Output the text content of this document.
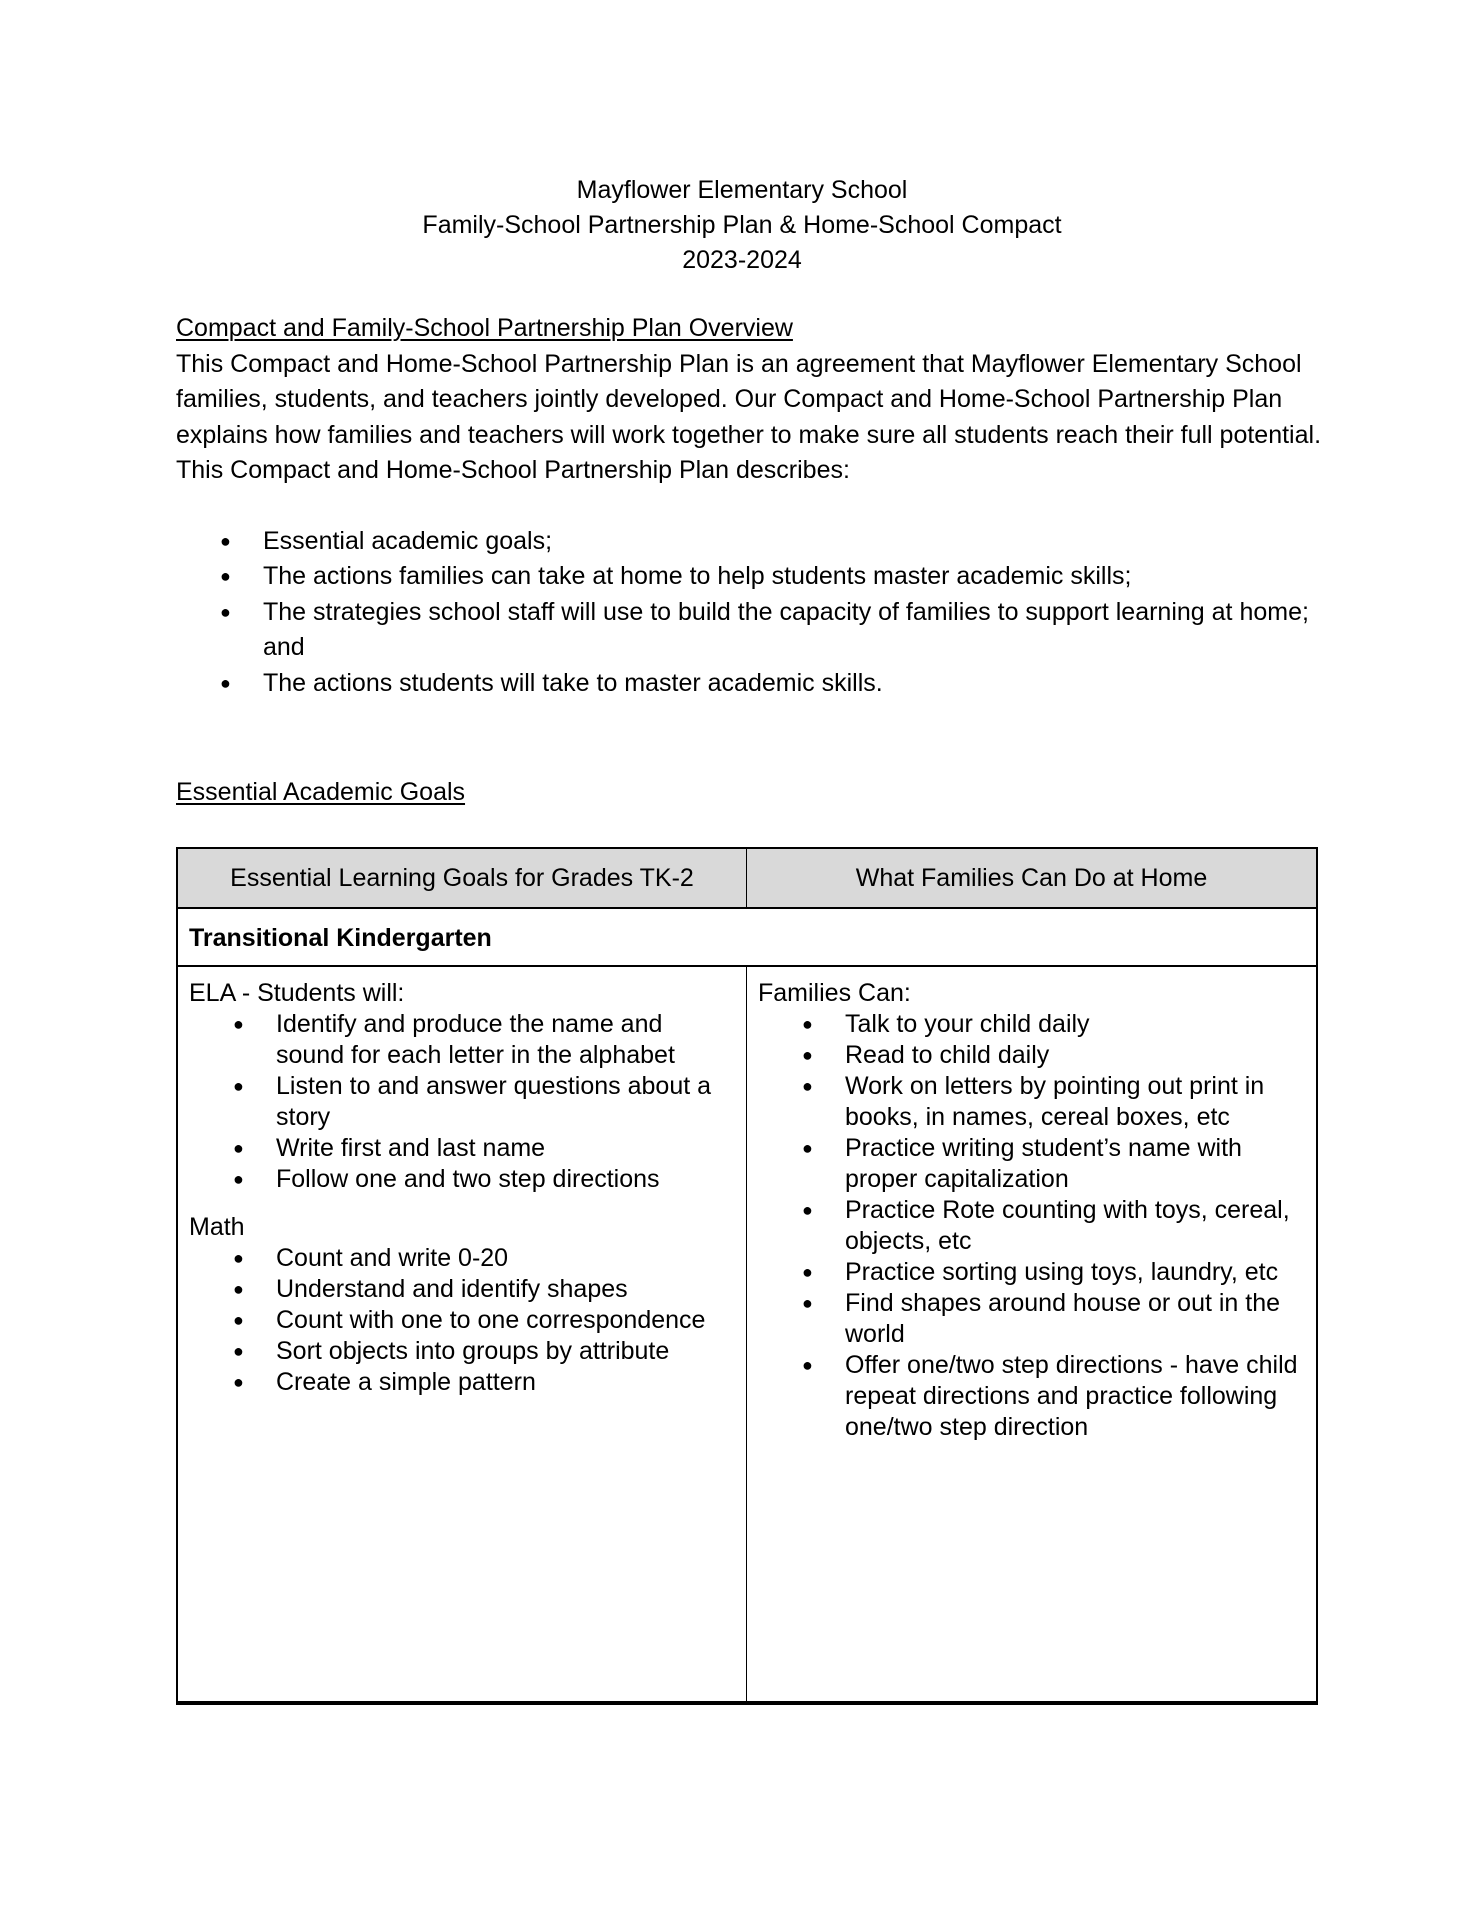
Mayflower Elementary School
Family-School Partnership Plan & Home-School Compact
2023-2024
Compact and Family-School Partnership Plan Overview

This Compact and Home-School Partnership Plan is an agreement that Mayflower Elementary School families, students, and teachers jointly developed. Our Compact and Home-School Partnership Plan explains how families and teachers will work together to make sure all students reach their full potential. This Compact and Home-School Partnership Plan describes:

● Essential academic goals;
● The actions families can take at home to help students master academic skills;
● The strategies school staff will use to build the capacity of families to support learning at home; and
● The actions students will take to master academic skills.
Essential Academic Goals
Essential Learning Goals for Grades TK-2	What Families Can Do at Home
Transitional Kindergarten
ELA - Students will:
● Identify and produce the name and sound for each letter in the alphabet
● Listen to and answer questions about a story
● Write first and last name
● Follow one and two step directions
Math
● Count and write 0-20
● Understand and identify shapes
● Count with one to one correspondence
● Sort objects into groups by attribute
● Create a simple pattern
Families Can:
● Talk to your child daily
● Read to child daily
● Work on letters by pointing out print in books, in names, cereal boxes, etc
● Practice writing student’s name with proper capitalization
● Practice Rote counting with toys, cereal, objects, etc
● Practice sorting using toys, laundry, etc
● Find shapes around house or out in the world
● Offer one/two step directions - have child repeat directions and practice following one/two step direction
